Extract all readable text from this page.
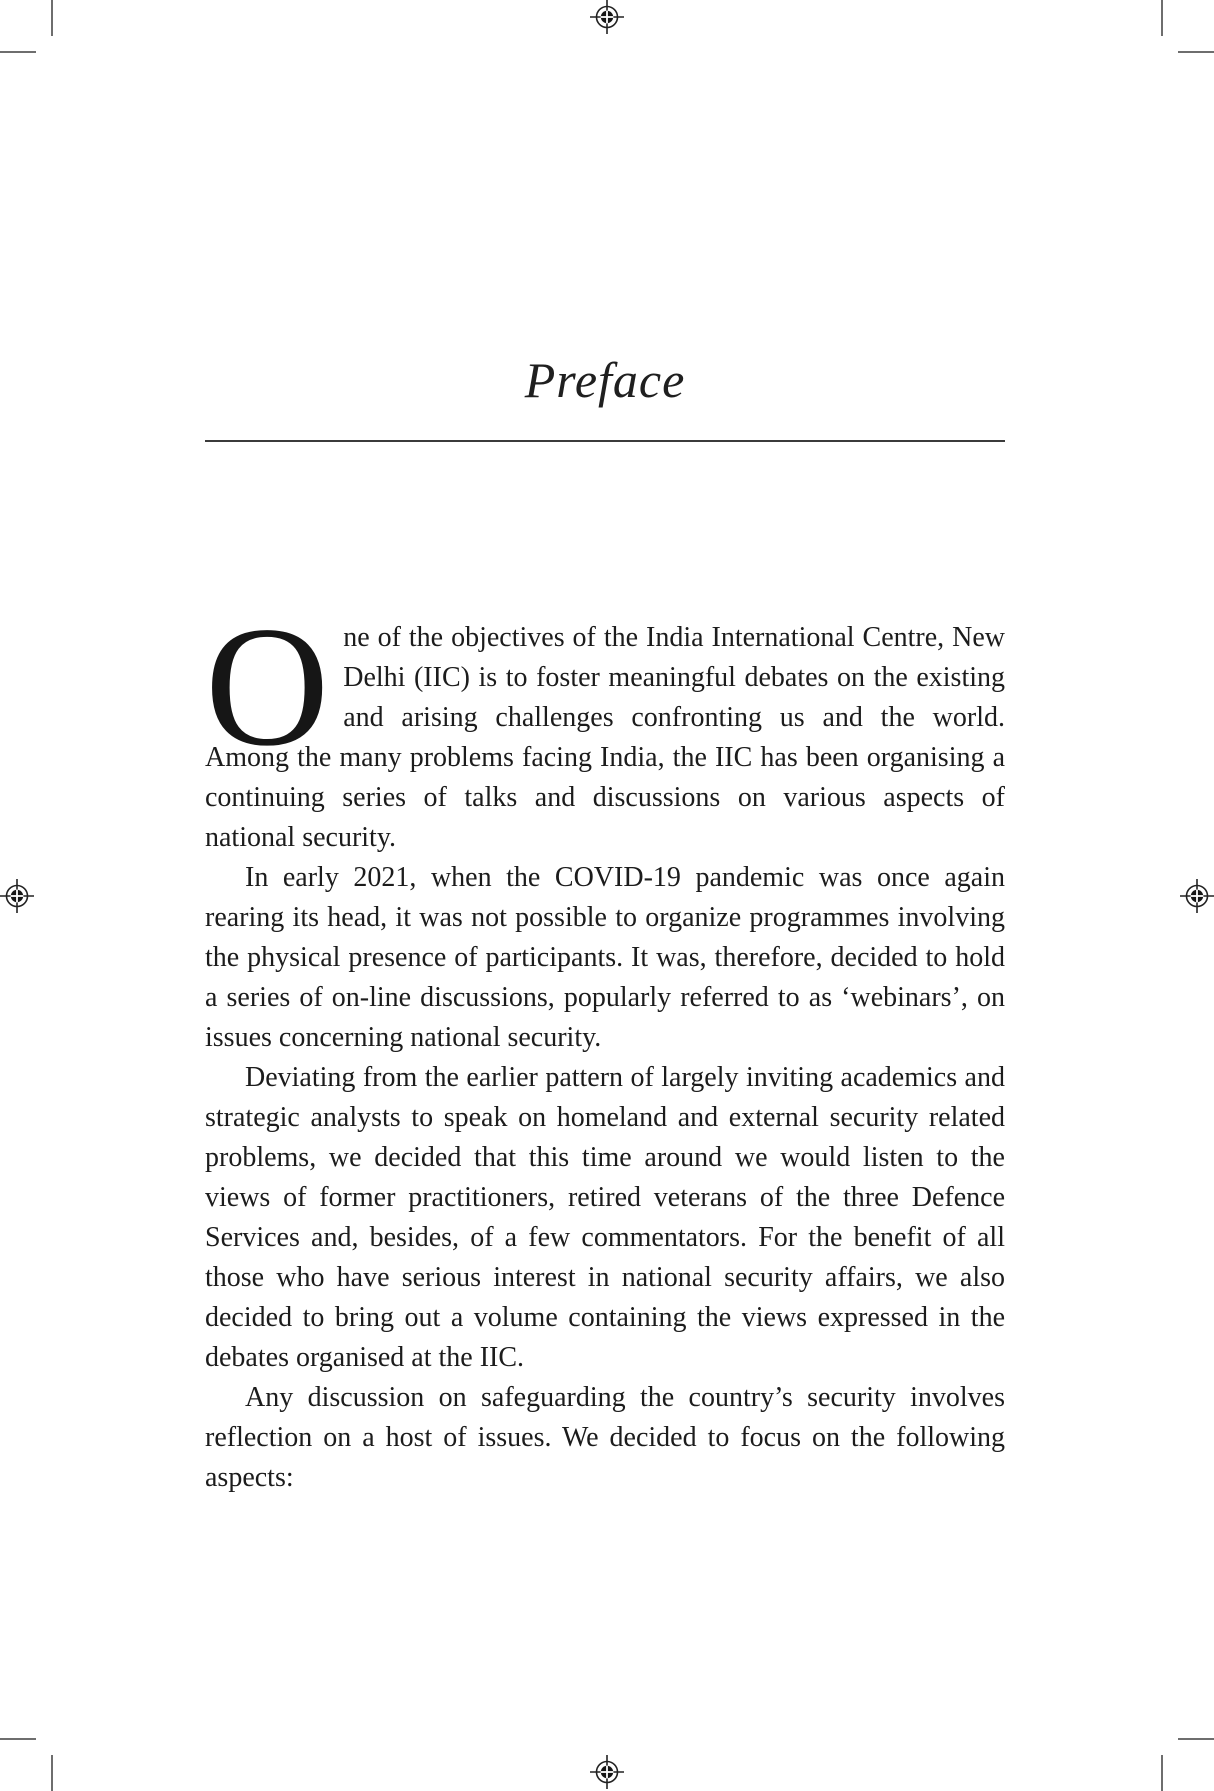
Preface

One of the objectives of the India International Centre, New Delhi (IIC) is to foster meaningful debates on the existing and arising challenges confronting us and the world. Among the many problems facing India, the IIC has been organising a continuing series of talks and discussions on various aspects of national security.

In early 2021, when the COVID-19 pandemic was once again rearing its head, it was not possible to organize programmes involving the physical presence of participants. It was, therefore, decided to hold a series of on-line discussions, popularly referred to as ‘webinars’, on issues concerning national security.

Deviating from the earlier pattern of largely inviting academics and strategic analysts to speak on homeland and external security related problems, we decided that this time around we would listen to the views of former practitioners, retired veterans of the three Defence Services and, besides, of a few commentators. For the benefit of all those who have serious interest in national security affairs, we also decided to bring out a volume containing the views expressed in the debates organised at the IIC.

Any discussion on safeguarding the country’s security involves reflection on a host of issues. We decided to focus on the following aspects:
